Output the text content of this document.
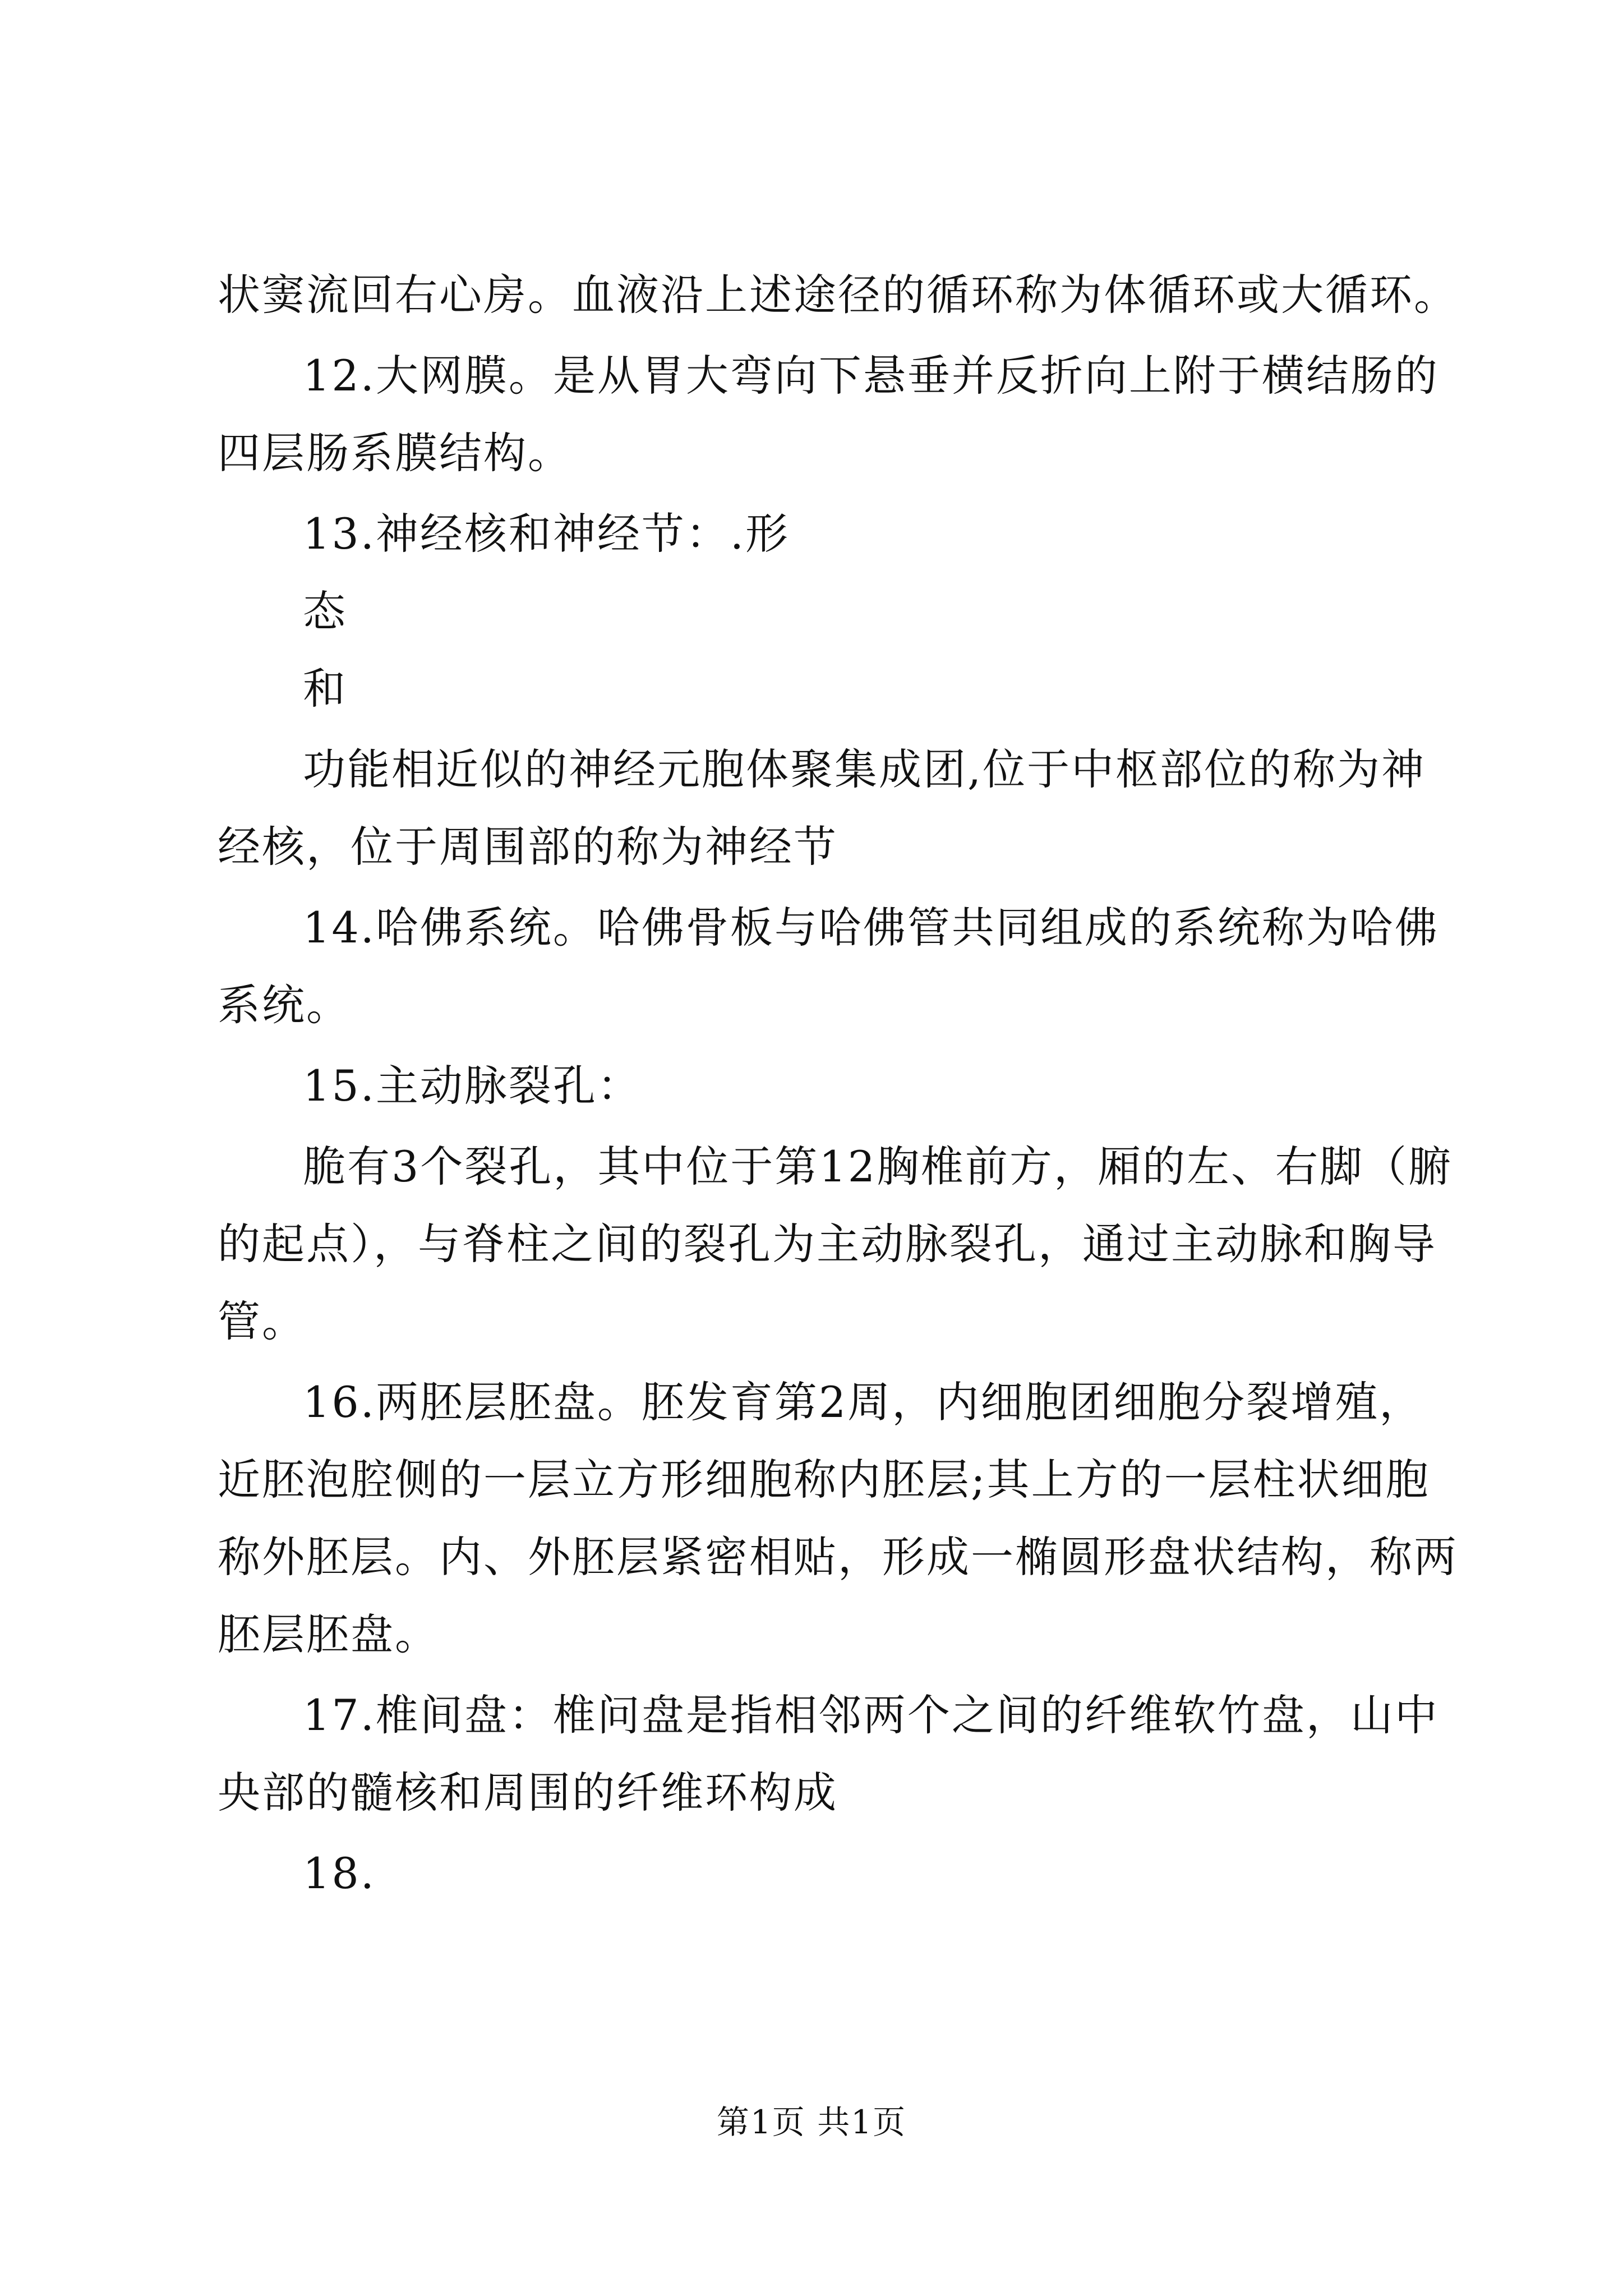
状窦流回右心房。血液沿上述途径的循环称为体循环或大循环。
12.大网膜。是从胃大弯向下悬垂并反折向上附于横结肠的
四层肠系膜结构。
13.神经核和神经节：.形
态
和
功能相近似的神经元胞体聚集成团,位于中枢部位的称为神
经核，位于周围部的称为神经节
14.哈佛系统。哈佛骨板与哈佛管共同组成的系统称为哈佛
系统。
15.主动脉裂孔：
脆有3个裂孔，其中位于第12胸椎前方，厢的左、右脚（腑
的起点），与脊柱之间的裂孔为主动脉裂孔，通过主动脉和胸导
管。
16.两胚层胚盘。胚发育第2周，内细胞团细胞分裂增殖，
近胚泡腔侧的一层立方形细胞称内胚层;其上方的一层柱状细胞
称外胚层。内、外胚层紧密相贴，形成一椭圆形盘状结构，称两
胚层胚盘。
17.椎间盘：椎问盘是指相邻两个之间的纤维软竹盘，山中
央部的髓核和周围的纤维环构成
18.
第1页 共1页
